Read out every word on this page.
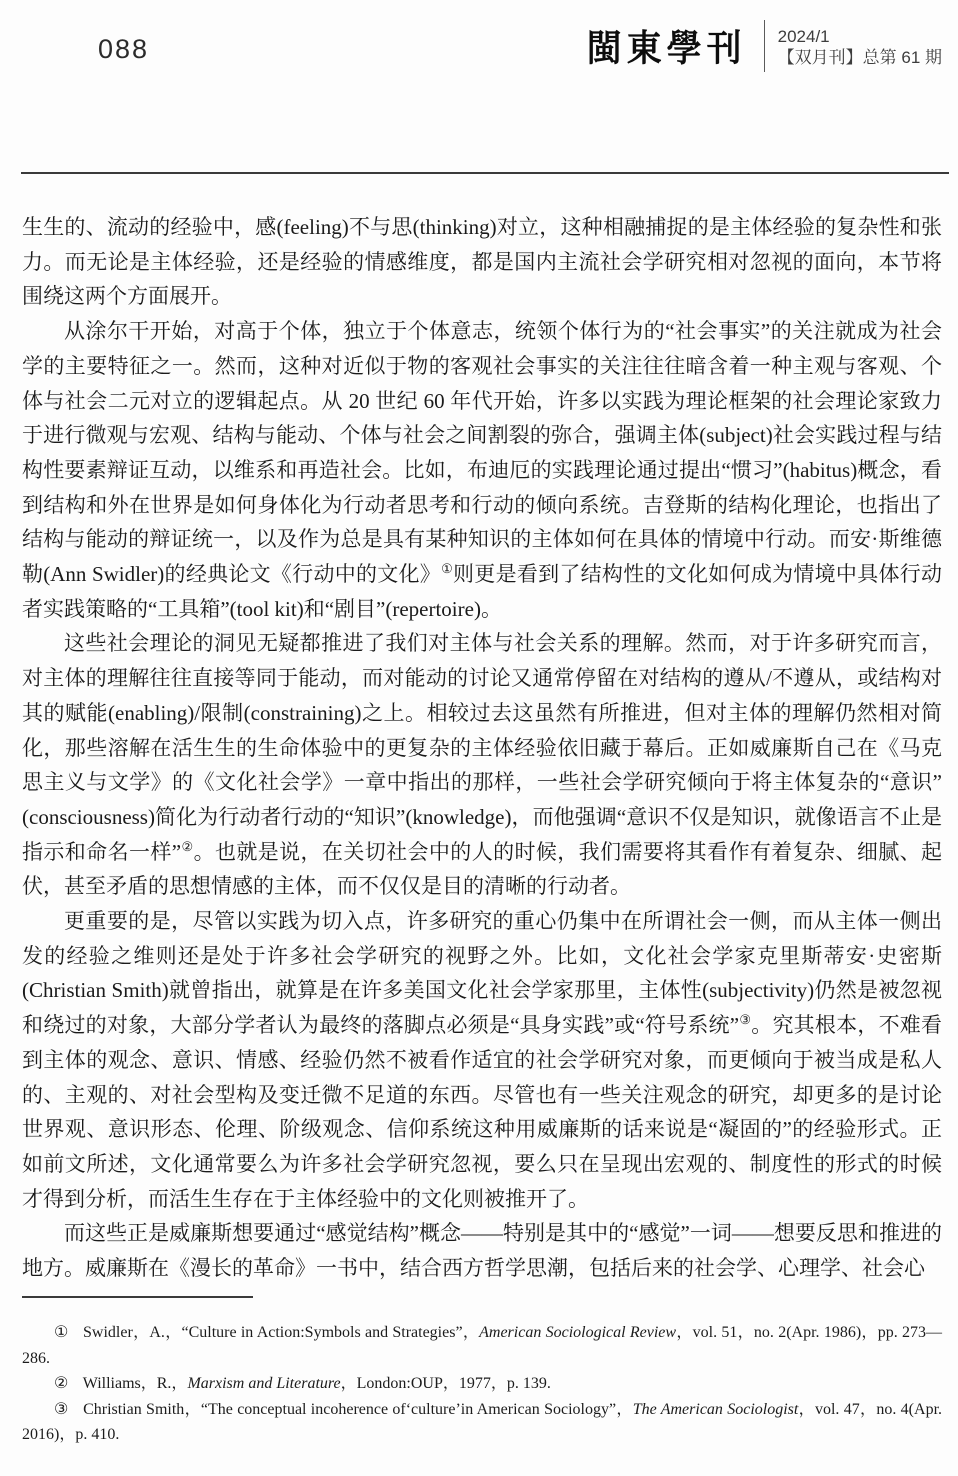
088	閩東學刊 2024/1
【双月刊】总第 61 期

生生的、流动的经验中，感(feeling)不与思(thinking)对立，这种相融捕捉的是主体经验的复杂性和张力。而无论是主体经验，还是经验的情感维度，都是国内主流社会学研究相对忽视的面向，本节将围绕这两个方面展开。

从涂尔干开始，对高于个体，独立于个体意志，统领个体行为的“社会事实”的关注就成为社会学的主要特征之一。然而，这种对近似于物的客观社会事实的关注往往暗含着一种主观与客观、个体与社会二元对立的逻辑起点。从 20 世纪 60 年代开始，许多以实践为理论框架的社会理论家致力于进行微观与宏观、结构与能动、个体与社会之间割裂的弥合，强调主体(subject)社会实践过程与结构性要素辩证互动，以维系和再造社会。比如，布迪厄的实践理论通过提出“惯习”(habitus)概念，看到结构和外在世界是如何身体化为行动者思考和行动的倾向系统。吉登斯的结构化理论，也指出了结构与能动的辩证统一，以及作为总是具有某种知识的主体如何在具体的情境中行动。而安·斯维德勒(Ann Swidler)的经典论文《行动中的文化》①则更是看到了结构性的文化如何成为情境中具体行动者实践策略的“工具箱”(tool kit)和“剧目”(repertoire)。

这些社会理论的洞见无疑都推进了我们对主体与社会关系的理解。然而，对于许多研究而言，对主体的理解往往直接等同于能动，而对能动的讨论又通常停留在对结构的遵从/不遵从，或结构对其的赋能(enabling)/限制(constraining)之上。相较过去这虽然有所推进，但对主体的理解仍然相对简化，那些溶解在活生生的生命体验中的更复杂的主体经验依旧藏于幕后。正如威廉斯自己在《马克思主义与文学》的《文化社会学》一章中指出的那样，一些社会学研究倾向于将主体复杂的“意识”(consciousness)简化为行动者行动的“知识”(knowledge)，而他强调“意识不仅是知识，就像语言不止是指示和命名一样”②。也就是说，在关切社会中的人的时候，我们需要将其看作有着复杂、细腻、起伏，甚至矛盾的思想情感的主体，而不仅仅是目的清晰的行动者。

更重要的是，尽管以实践为切入点，许多研究的重心仍集中在所谓社会一侧，而从主体一侧出发的经验之维则还是处于许多社会学研究的视野之外。比如，文化社会学家克里斯蒂安·史密斯(Christian Smith)就曾指出，就算是在许多美国文化社会学家那里，主体性(subjectivity)仍然是被忽视和绕过的对象，大部分学者认为最终的落脚点必须是“具身实践”或“符号系统”③。究其根本，不难看到主体的观念、意识、情感、经验仍然不被看作适宜的社会学研究对象，而更倾向于被当成是私人的、主观的、对社会型构及变迁微不足道的东西。尽管也有一些关注观念的研究，却更多的是讨论世界观、意识形态、伦理、阶级观念、信仰系统这种用威廉斯的话来说是“凝固的”的经验形式。正如前文所述，文化通常要么为许多社会学研究忽视，要么只在呈现出宏观的、制度性的形式的时候才得到分析，而活生生存在于主体经验中的文化则被推开了。

而这些正是威廉斯想要通过“感觉结构”概念——特别是其中的“感觉”一词——想要反思和推进的地方。威廉斯在《漫长的革命》一书中，结合西方哲学思潮，包括后来的社会学、心理学、社会心

① Swidler，A.，“Culture in Action:Symbols and Strategies”，American Sociological Review，vol. 51，no. 2(Apr. 1986)，pp. 273—286.

② Williams，R.，Marxism and Literature，London:OUP，1977，p. 139.

③ Christian Smith，“The conceptual incoherence of‘culture’in American Sociology”，The American Sociologist，vol. 47，no. 4(Apr. 2016)，p. 410.
